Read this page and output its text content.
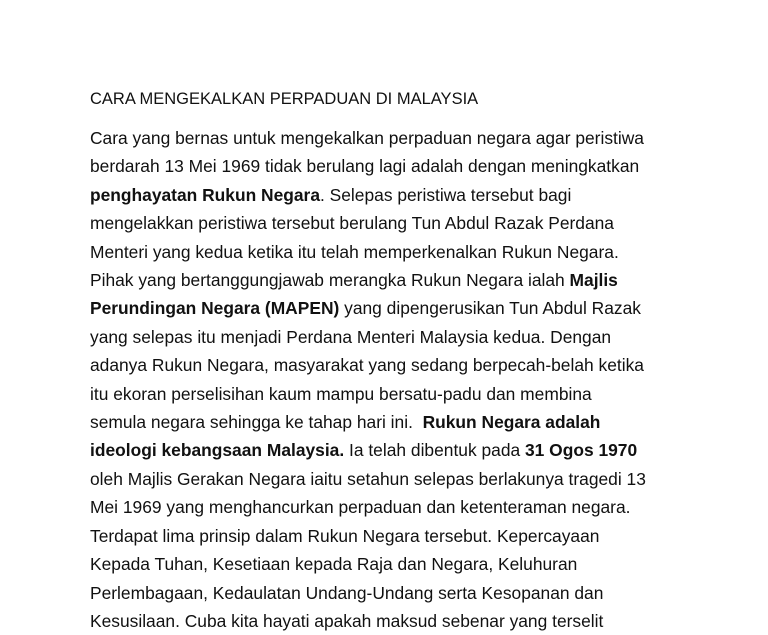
CARA MENGEKALKAN PERPADUAN DI MALAYSIA
Cara yang bernas untuk mengekalkan perpaduan negara agar peristiwa
berdarah 13 Mei 1969 tidak berulang lagi adalah dengan meningkatkan
penghayatan Rukun Negara. Selepas peristiwa tersebut bagi
mengelakkan peristiwa tersebut berulang Tun Abdul Razak Perdana
Menteri yang kedua ketika itu telah memperkenalkan Rukun Negara.
Pihak yang bertanggungjawab merangka Rukun Negara ialah Majlis
Perundingan Negara (MAPEN) yang dipengerusikan Tun Abdul Razak
yang selepas itu menjadi Perdana Menteri Malaysia kedua. Dengan
adanya Rukun Negara, masyarakat yang sedang berpecah-belah ketika
itu ekoran perselisihan kaum mampu bersatu-padu dan membina
semula negara sehingga ke tahap hari ini.  Rukun Negara adalah
ideologi kebangsaan Malaysia. Ia telah dibentuk pada 31 Ogos 1970
oleh Majlis Gerakan Negara iaitu setahun selepas berlakunya tragedi 13
Mei 1969 yang menghancurkan perpaduan dan ketenteraman negara.
Terdapat lima prinsip dalam Rukun Negara tersebut. Kepercayaan
Kepada Tuhan, Kesetiaan kepada Raja dan Negara, Keluhuran
Perlembagaan, Kedaulatan Undang-Undang serta Kesopanan dan
Kesusilaan. Cuba kita hayati apakah maksud sebenar yang terselit
